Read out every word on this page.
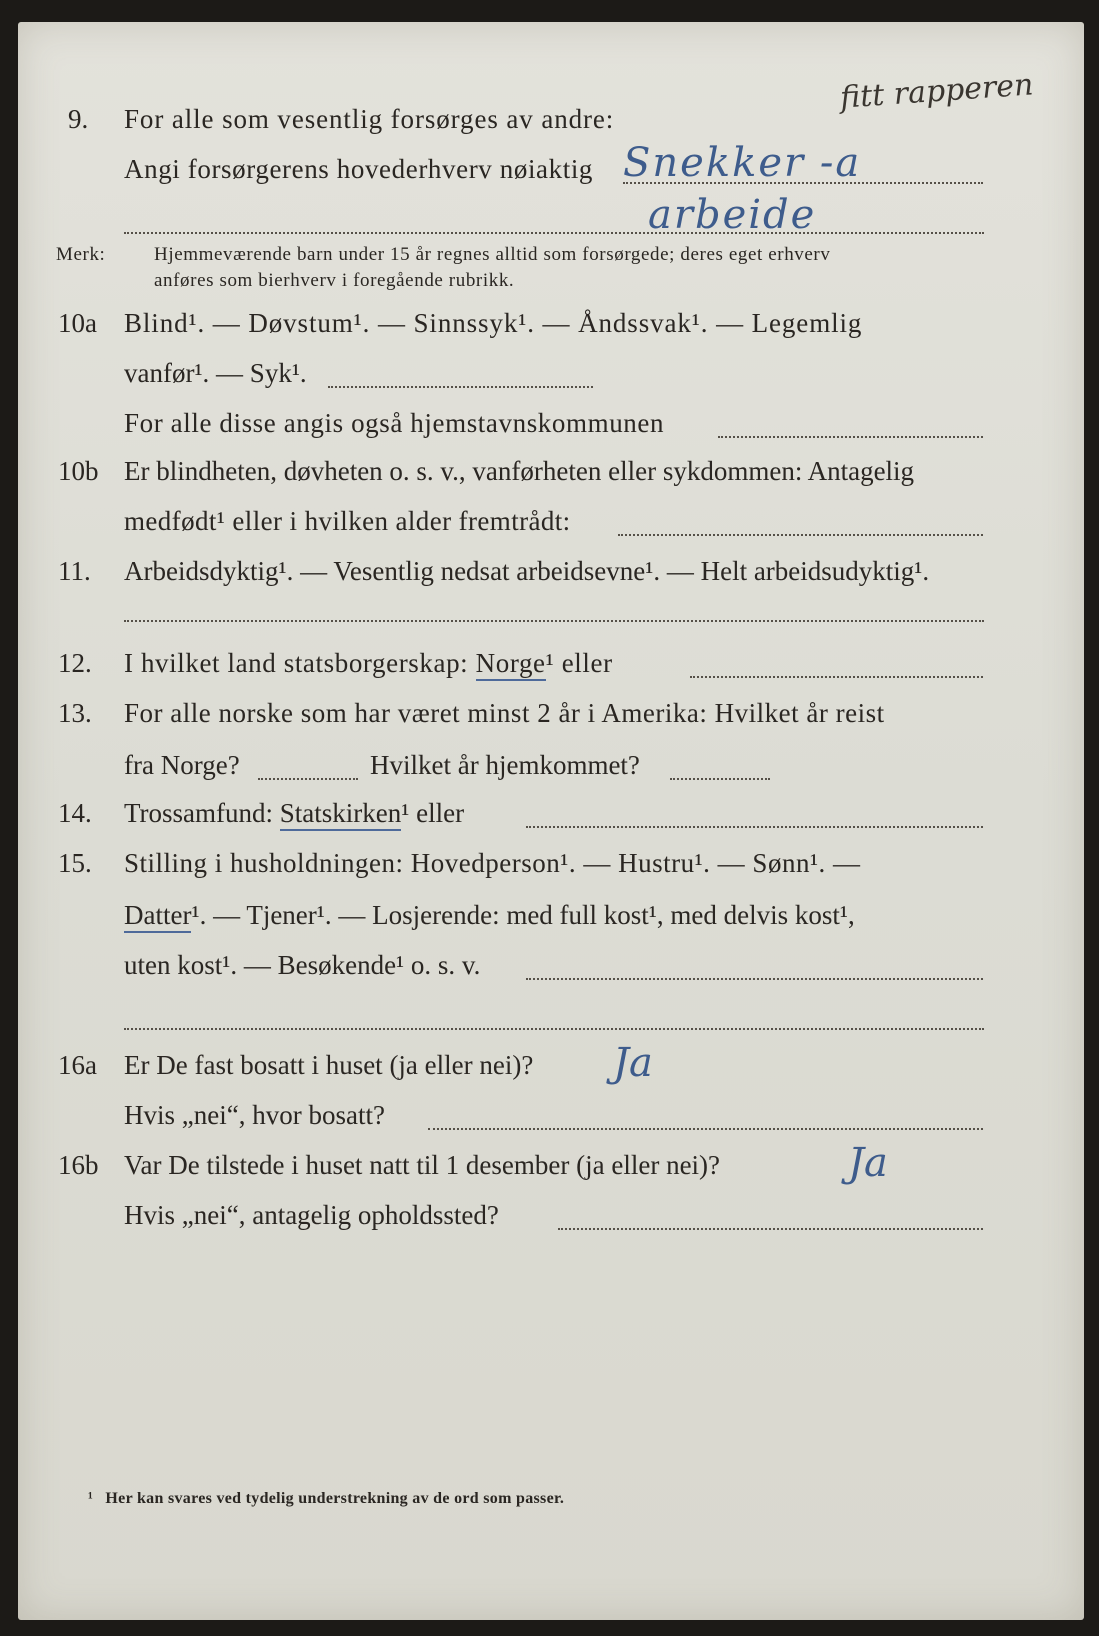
fitt rapperen
9. For alle som vesentlig forsørges av andre:
Angi forsørgerens hovederhverv nøiaktig Snekker -a
arbeide
Merk:	Hjemmeværende barn under 15 år regnes alltid som forsørgede; deres eget erhverv
anføres som bierhverv i foregående rubrikk.
10a Blind¹. — Døvstum¹. — Sinnssyk¹. — Åndssvak¹. — Legemlig
vanfør¹. — Syk¹.
For alle disse angis også hjemstavnskommunen
10b Er blindheten, døvheten o. s. v., vanførheten eller sykdommen: Antagelig
medfødt¹ eller i hvilken alder fremtrådt:
11. Arbeidsdyktig¹. — Vesentlig nedsat arbeidsevne¹. — Helt arbeidsudyktig¹.
12. I hvilket land statsborgerskap: Norge¹ eller
13. For alle norske som har været minst 2 år i Amerika: Hvilket år reist
fra Norge?	Hvilket år hjemkommet?
14. Trossamfund: Statskirken¹ eller
15. Stilling i husholdningen: Hovedperson¹. — Hustru¹. — Sønn¹. —
Datter¹. — Tjener¹. — Losjerende: med full kost¹, med delvis kost¹,
uten kost¹. — Besøkende¹ o. s. v.
16a Er De fast bosatt i huset (ja eller nei)? Ja
Hvis „nei“, hvor bosatt?
16b Var De tilstede i huset natt til 1 desember (ja eller nei)?	Ja
Hvis „nei“, antagelig opholdssted?
¹ Her kan svares ved tydelig understrekning av de ord som passer.
